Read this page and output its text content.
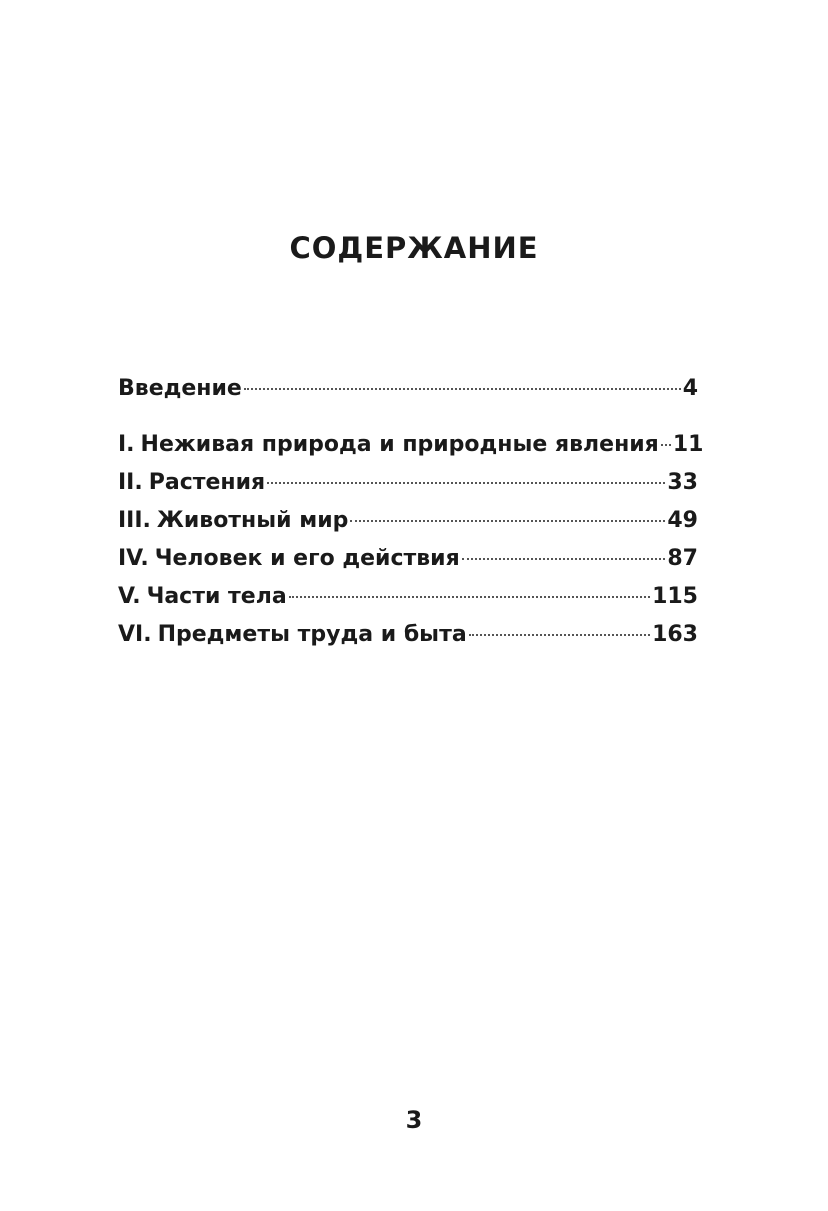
СОДЕРЖАНИЕ
Введение	4
I. Неживая природа и природные явления 11
II. Растения	33
III. Животный мир	49
IV. Человек и его действия	87
V. Части тела	115
VI. Предметы труда и быта	163
3
